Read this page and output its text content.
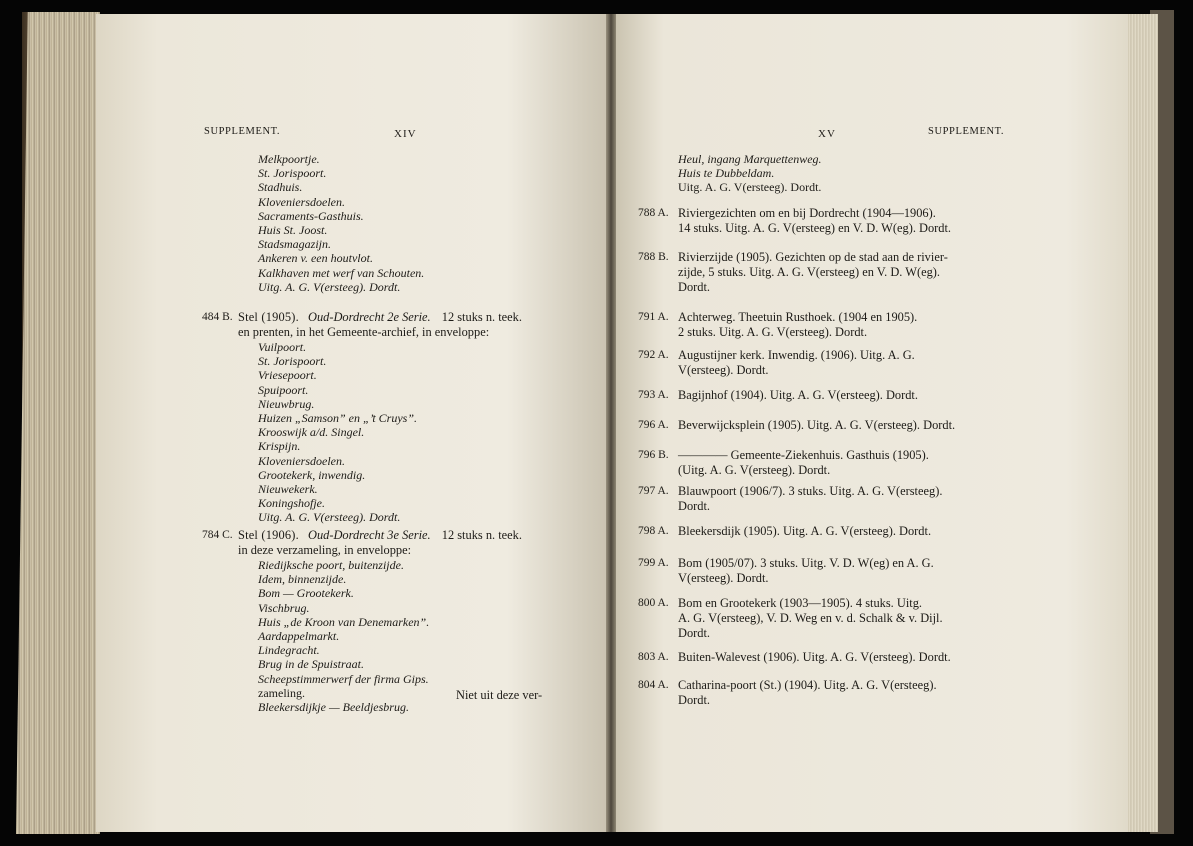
SUPPLEMENT.	XIV
Melkpoortje.
St. Jorispoort.
Stadhuis.
Kloveniersdoelen.
Sacraments-Gasthuis.
Huis St. Joost.
Stadsmagazijn.
Ankeren v. een houtvlot.
Kalkhaven met werf van Schouten.
Uitg. A. G. V(ersteeg). Dordt.
484 B. Stel (1905). Oud-Dordrecht 2e Serie. 12 stuks n. teek.
en prenten, in het Gemeente-archief, in enveloppe:
Vuilpoort.
St. Jorispoort.
Vriesepoort.
Spuipoort.
Nieuwbrug.
Huizen „Samson” en „’t Cruys”.
Krooswijk a/d. Singel.
Krispijn.
Kloveniersdoelen.
Grootekerk, inwendig.
Nieuwekerk.
Koningshofje.
Uitg. A. G. V(ersteeg). Dordt.
784 C. Stel (1906). Oud-Dordrecht 3e Serie. 12 stuks n. teek.
in deze verzameling, in enveloppe:
Riedijksche poort, buitenzijde.
Idem, binnenzijde.
Bom — Grootekerk.
Vischbrug.
Huis „de Kroon van Denemarken”.
Aardappelmarkt.
Lindegracht.
Brug in de Spuistraat.
Scheepstimmerwerf der firma Gips.
zameling.
Bleekersdijkje — Beeldjesbrug.
Niet uit deze ver-
XV	SUPPLEMENT.
Heul, ingang Marquettenweg.
Huis te Dubbeldam.
Uitg. A. G. V(ersteeg). Dordt.
788 A. Riviergezichten om en bij Dordrecht (1904—1906).
14 stuks. Uitg. A. G. V(ersteeg) en V. D. W(eg). Dordt.
788 B. Rivierzijde (1905). Gezichten op de stad aan de rivier-
zijde, 5 stuks. Uitg. A. G. V(ersteeg) en V. D. W(eg).
Dordt.
791 A. Achterweg. Theetuin Rusthoek. (1904 en 1905).
2 stuks. Uitg. A. G. V(ersteeg). Dordt.
792 A. Augustijner kerk. Inwendig. (1906). Uitg. A. G.
V(ersteeg). Dordt.
793 A. Bagijnhof (1904). Uitg. A. G. V(ersteeg). Dordt.
796 A. Beverwijcksplein (1905). Uitg. A. G. V(ersteeg). Dordt.
796 B. ———— Gemeente-Ziekenhuis. Gasthuis (1905).
(Uitg. A. G. V(ersteeg). Dordt.
797 A. Blauwpoort (1906/7). 3 stuks. Uitg. A. G. V(ersteeg).
Dordt.
798 A. Bleekersdijk (1905). Uitg. A. G. V(ersteeg). Dordt.
799 A. Bom (1905/07). 3 stuks. Uitg. V. D. W(eg) en A. G.
V(ersteeg). Dordt.
800 A. Bom en Grootekerk (1903—1905). 4 stuks. Uitg.
A. G. V(ersteeg), V. D. Weg en v. d. Schalk & v. Dijl.
Dordt.
803 A. Buiten-Walevest (1906). Uitg. A. G. V(ersteeg). Dordt.
804 A. Catharina-poort (St.) (1904). Uitg. A. G. V(ersteeg).
Dordt.
